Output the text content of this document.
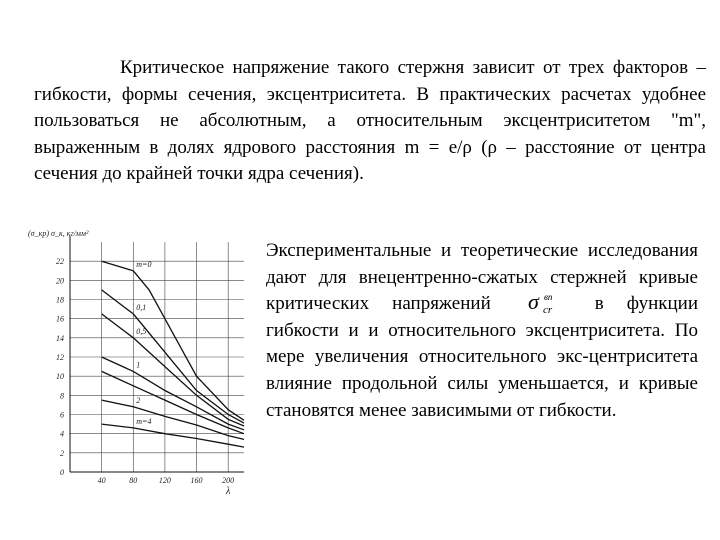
Критическое напряжение такого стержня зависит от трех факторов – гибкости, формы сечения, эксцентриситета. В практических расчетах удобнее пользоваться не абсолютным, а относительным эксцентриситетом "m", выраженным в долях ядрового расстояния m = e/ρ (ρ – расстояние от центра сечения до крайней точки ядра сечения).

0
2
4
6
8
10
12
14
16
18
20
22
40	80	120 160 200
(σ_кр) σ_к, кг/мм²
λ
m=0
0,1
0,5
1
2
m=4

Экспериментальные и теоретические исследования дают для внецентренно-сжатых стержней кривые критических напряжений σ вп
cr в функции гибкости и и относительного эксцентриситета. По мере увеличения относительного экс-центриситета влияние продольной силы уменьшается, и кривые становятся менее зависимыми от гибкости.
